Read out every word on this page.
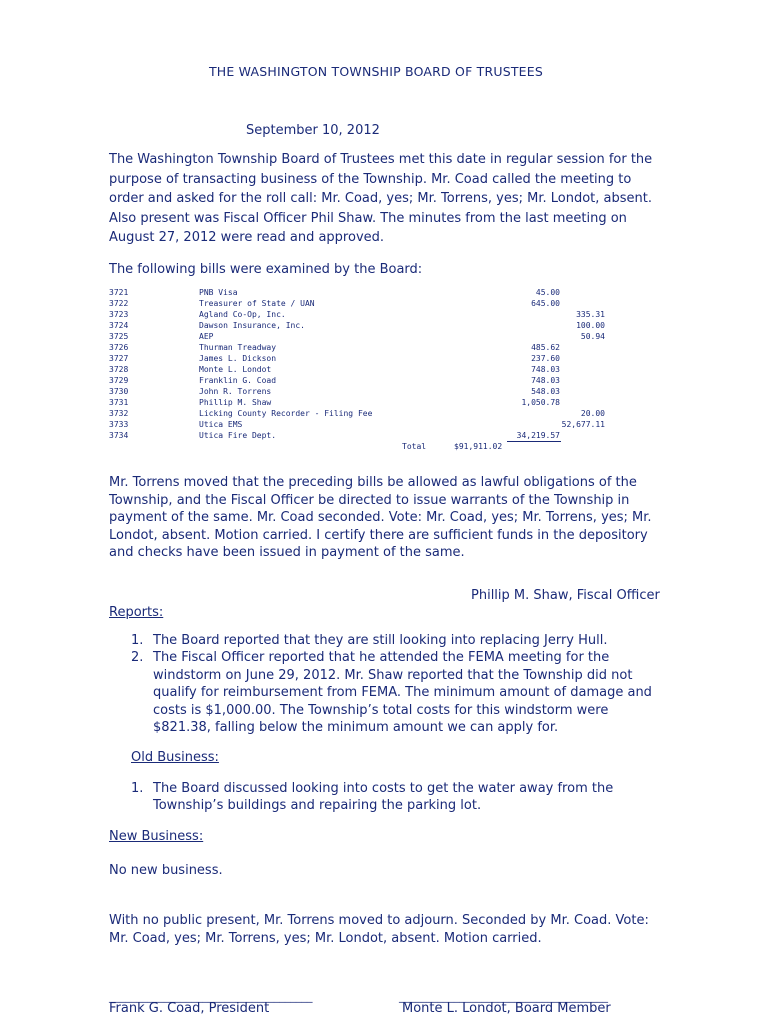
THE WASHINGTON TOWNSHIP BOARD OF TRUSTEES
September 10, 2012
The Washington Township Board of Trustees met this date in regular session for the
purpose of transacting business of the Township. Mr. Coad called the meeting to
order and asked for the roll call: Mr. Coad, yes; Mr. Torrens, yes; Mr. Londot, absent.
Also present was Fiscal Officer Phil Shaw. The minutes from the last meeting on
August 27, 2012 were read and approved.
The following bills were examined by the Board:
Total	$91,911.02
3721	PNB Visa	45.00
3722	Treasurer of State / UAN	645.00
3723	Agland Co-Op, Inc.	335.31
3724	Dawson Insurance, Inc.	100.00
3725	AEP	50.94
3726	Thurman Treadway	485.62
3727	James L. Dickson	237.60
3728	Monte L. Londot	748.03
3729	Franklin G. Coad	748.03
3730	John R. Torrens	548.03
3731	Phillip M. Shaw	1,050.78
3732	Licking County Recorder - Filing Fee	20.00
3733	Utica EMS	52,677.11
3734	Utica Fire Dept.	34,219.57
Mr. Torrens moved that the preceding bills be allowed as lawful obligations of the
Township, and the Fiscal Officer be directed to issue warrants of the Township in
payment of the same. Mr. Coad seconded. Vote: Mr. Coad, yes; Mr. Torrens, yes; Mr.
Londot, absent. Motion carried. I certify there are sufficient funds in the depository
and checks have been issued in payment of the same.
Phillip M. Shaw, Fiscal Officer
Reports:
1. The Board reported that they are still looking into replacing Jerry Hull.
2. The Fiscal Officer reported that he attended the FEMA meeting for the
windstorm on June 29, 2012. Mr. Shaw reported that the Township did not
qualify for reimbursement from FEMA. The minimum amount of damage and
costs is $1,000.00. The Township’s total costs for this windstorm were
$821.38, falling below the minimum amount we can apply for.
Old Business:
1. The Board discussed looking into costs to get the water away from the
Township’s buildings and repairing the parking lot.
New Business:
No new business.
With no public present, Mr. Torrens moved to adjourn. Seconded by Mr. Coad. Vote:
Mr. Coad, yes; Mr. Torrens, yes; Mr. Londot, absent. Motion carried.
_____________________________________	______________________________________
Frank G. Coad, President	Monte L. Londot, Board Member
